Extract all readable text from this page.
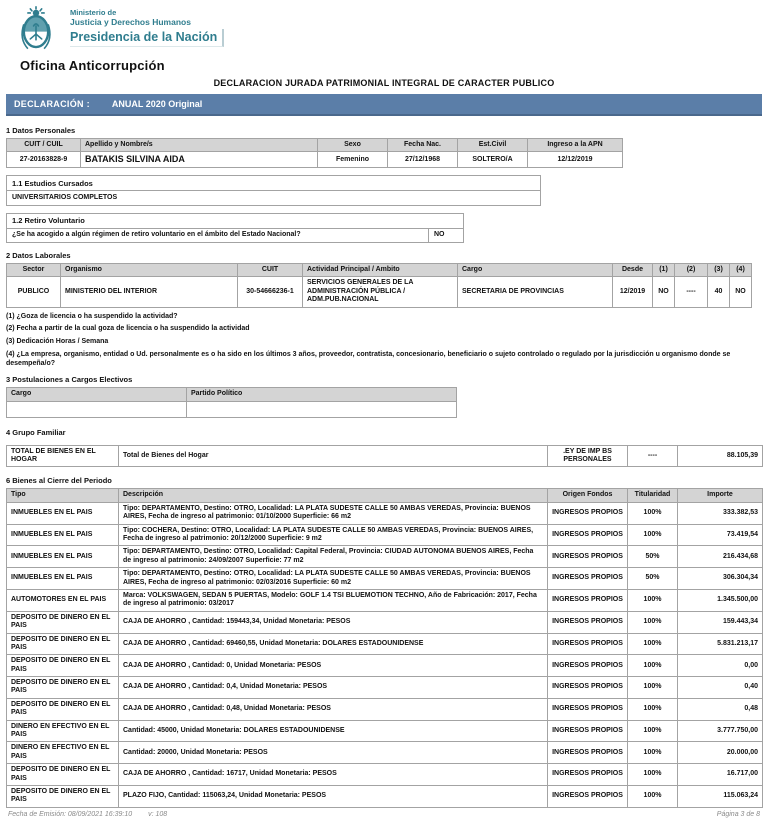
Ministerio de
Justicia y Derechos Humanos
Presidencia de la Nación
Oficina Anticorrupción
DECLARACION JURADA PATRIMONIAL INTEGRAL DE CARACTER PUBLICO
DECLARACIÓN : ANUAL 2020 Original
1 Datos Personales
CUIT / CUIL	Apellido y Nombre/s	Sexo	Fecha Nac.	Est.Civil	Ingreso a la APN
27-20163828-9	BATAKIS SILVINA AIDA	Femenino	27/12/1968	SOLTERO/A	12/12/2019
1.1 Estudios Cursados
UNIVERSITARIOS COMPLETOS
1.2 Retiro Voluntario
¿Se ha acogido a algún régimen de retiro voluntario en el ámbito del Estado Nacional?	NO
2 Datos Laborales
Sector	Organismo	CUIT	Actividad Principal / Ambito	Cargo	Desde	(1)	(2)	(3)	(4)
PUBLICO	MINISTERIO DEL INTERIOR	30-54666236-1	SERVICIOS GENERALES DE LA ADMINISTRACIÓN PÚBLICA / ADM.PUB.NACIONAL	SECRETARIA DE PROVINCIAS	12/2019	NO	----	40	NO
(1) ¿Goza de licencia o ha suspendido la actividad?
(2) Fecha a partir de la cual goza de licencia o ha suspendido la actividad
(3) Dedicación Horas / Semana
(4) ¿La empresa, organismo, entidad o Ud. personalmente es o ha sido en los últimos 3 años, proveedor, contratista, concesionario, beneficiario o sujeto controlado o regulado por la jurisdicción u organismo donde se desempeña/o?
3 Postulaciones a Cargos Electivos
Cargo	Partido Político

4 Grupo Familiar
TOTAL DE BIENES EN EL HOGAR	Total de Bienes del Hogar	.EY DE IMP BS PERSONALES	----	88.105,39
6 Bienes al Cierre del Periodo
Tipo	Descripción	Origen Fondos	Titularidad	Importe
INMUEBLES EN EL PAIS	Tipo: DEPARTAMENTO, Destino: OTRO, Localidad: LA PLATA SUDESTE CALLE 50 AMBAS VEREDAS, Provincia: BUENOS AIRES, Fecha de ingreso al patrimonio: 01/10/2000 Superficie: 66 m2	INGRESOS PROPIOS	100%	333.382,53
INMUEBLES EN EL PAIS	Tipo: COCHERA, Destino: OTRO, Localidad: LA PLATA SUDESTE CALLE 50 AMBAS VEREDAS, Provincia: BUENOS AIRES, Fecha de ingreso al patrimonio: 20/12/2000 Superficie: 9 m2	INGRESOS PROPIOS	100%	73.419,54
INMUEBLES EN EL PAIS	Tipo: DEPARTAMENTO, Destino: OTRO, Localidad: Capital Federal, Provincia: CIUDAD AUTONOMA BUENOS AIRES, Fecha de ingreso al patrimonio: 24/09/2007 Superficie: 77 m2	INGRESOS PROPIOS	50%	216.434,68
INMUEBLES EN EL PAIS	Tipo: DEPARTAMENTO, Destino: OTRO, Localidad: LA PLATA SUDESTE CALLE 50 AMBAS VEREDAS, Provincia: BUENOS AIRES, Fecha de ingreso al patrimonio: 02/03/2016 Superficie: 60 m2	INGRESOS PROPIOS	50%	306.304,34
AUTOMOTORES EN EL PAIS	Marca: VOLKSWAGEN, SEDAN 5 PUERTAS, Modelo: GOLF 1.4 TSI BLUEMOTION TECHNO, Año de Fabricación: 2017, Fecha de ingreso al patrimonio: 03/2017	INGRESOS PROPIOS	100%	1.345.500,00
DEPOSITO DE DINERO EN EL PAIS	CAJA DE AHORRO , Cantidad: 159443,34, Unidad Monetaria: PESOS	INGRESOS PROPIOS	100%	159.443,34
DEPOSITO DE DINERO EN EL PAIS	CAJA DE AHORRO , Cantidad: 69460,55, Unidad Monetaria: DOLARES ESTADOUNIDENSE	INGRESOS PROPIOS	100%	5.831.213,17
DEPOSITO DE DINERO EN EL PAIS	CAJA DE AHORRO , Cantidad: 0, Unidad Monetaria: PESOS	INGRESOS PROPIOS	100%	0,00
DEPOSITO DE DINERO EN EL PAIS	CAJA DE AHORRO , Cantidad: 0,4, Unidad Monetaria: PESOS	INGRESOS PROPIOS	100%	0,40
DEPOSITO DE DINERO EN EL PAIS	CAJA DE AHORRO , Cantidad: 0,48, Unidad Monetaria: PESOS	INGRESOS PROPIOS	100%	0,48
DINERO EN EFECTIVO EN EL PAIS	Cantidad: 45000, Unidad Monetaria: DOLARES ESTADOUNIDENSE	INGRESOS PROPIOS	100%	3.777.750,00
DINERO EN EFECTIVO EN EL PAIS	Cantidad: 20000, Unidad Monetaria: PESOS	INGRESOS PROPIOS	100%	20.000,00
DEPOSITO DE DINERO EN EL PAIS	CAJA DE AHORRO , Cantidad: 16717, Unidad Monetaria: PESOS	INGRESOS PROPIOS	100%	16.717,00
DEPOSITO DE DINERO EN EL PAIS	PLAZO FIJO, Cantidad: 115063,24, Unidad Monetaria: PESOS	INGRESOS PROPIOS	100%	115.063,24
Fecha de Emisión: 08/09/2021 16:39:10 v: 108	Página 3 de 8
